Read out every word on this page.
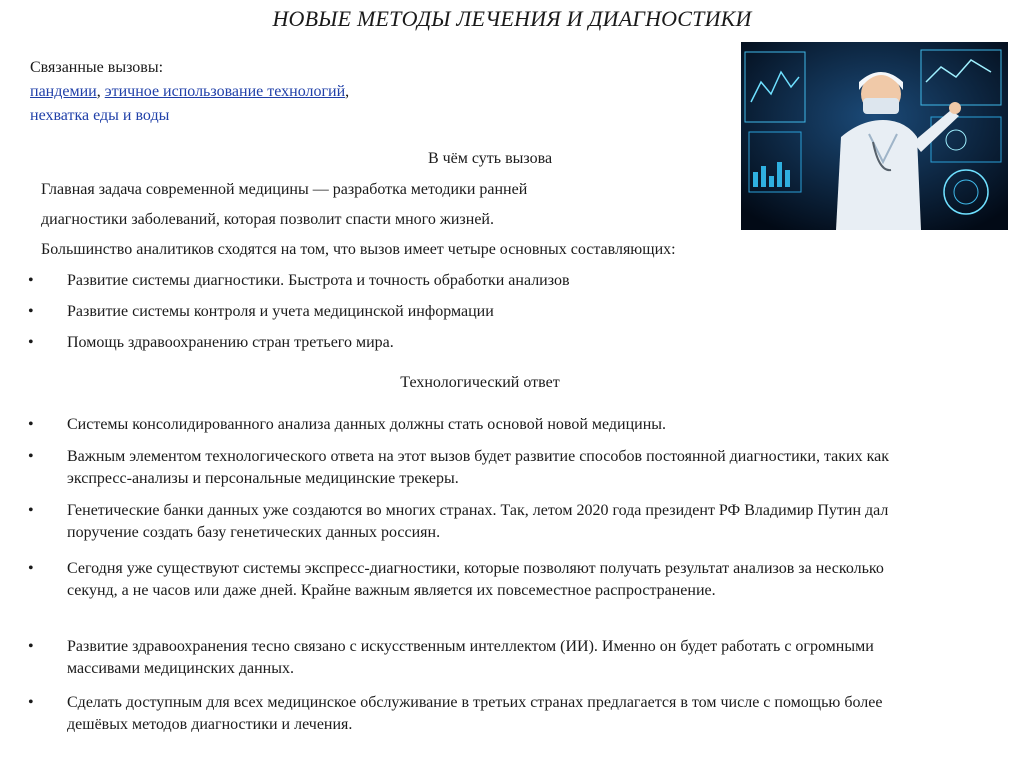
НОВЫЕ МЕТОДЫ ЛЕЧЕНИЯ И ДИАГНОСТИКИ
Связанные вызовы:
пандемии, этичное использование технологий,
нехватка еды и воды
В чём суть вызова
Главная задача современной медицины — разработка методики ранней
диагностики заболеваний, которая позволит спасти много жизней.
Большинство аналитиков сходятся на том, что вызов имеет четыре основных составляющих:
• Развитие системы диагностики. Быстрота и точность обработки анализов
• Развитие системы контроля и учета медицинской информации
• Помощь здравоохранению стран третьего мира.
Технологический ответ
• Системы консолидированного анализа данных должны стать основой новой медицины.
• Важным элементом технологического ответа на этот вызов будет развитие способов постоянной диагностики, таких как экспресс-анализы и персональные медицинские трекеры.
• Генетические банки данных уже создаются во многих странах. Так, летом 2020 года президент РФ Владимир Путин дал поручение создать базу генетических данных россиян.
• Сегодня уже существуют системы экспресс-диагностики, которые позволяют получать результат анализов за несколько секунд, а не часов или даже дней. Крайне важным является их повсеместное распространение.
• Развитие здравоохранения тесно связано с искусственным интеллектом (ИИ). Именно он будет работать с огромными массивами медицинских данных.
• Сделать доступным для всех медицинское обслуживание в третьих странах предлагается в том числе с помощью более дешёвых методов диагностики и лечения.
